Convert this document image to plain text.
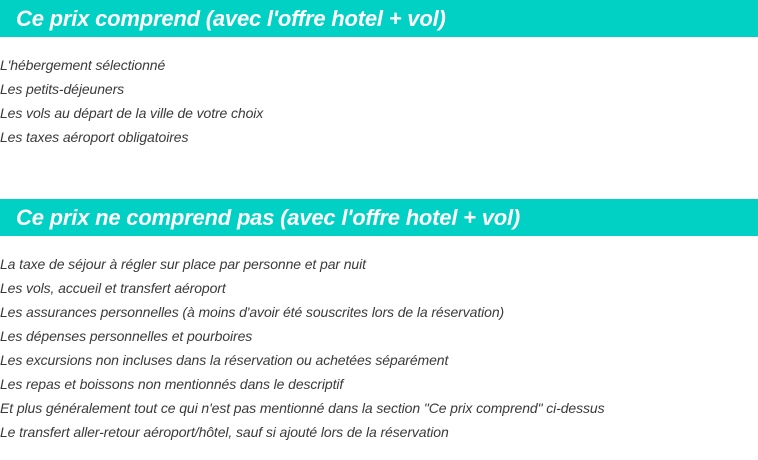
Ce prix comprend (avec l'offre hotel + vol)
L'hébergement sélectionné
Les petits-déjeuners
Les vols au départ de la ville de votre choix
Les taxes aéroport obligatoires
Ce prix ne comprend pas (avec l'offre hotel + vol)
La taxe de séjour à régler sur place par personne et par nuit
Les vols, accueil et transfert aéroport
Les assurances personnelles (à moins d'avoir été souscrites lors de la réservation)
Les dépenses personnelles et pourboires
Les excursions non incluses dans la réservation ou achetées séparément
Les repas et boissons non mentionnés dans le descriptif
Et plus généralement tout ce qui n'est pas mentionné dans la section "Ce prix comprend" ci-dessus
Le transfert aller-retour aéroport/hôtel, sauf si ajouté lors de la réservation
